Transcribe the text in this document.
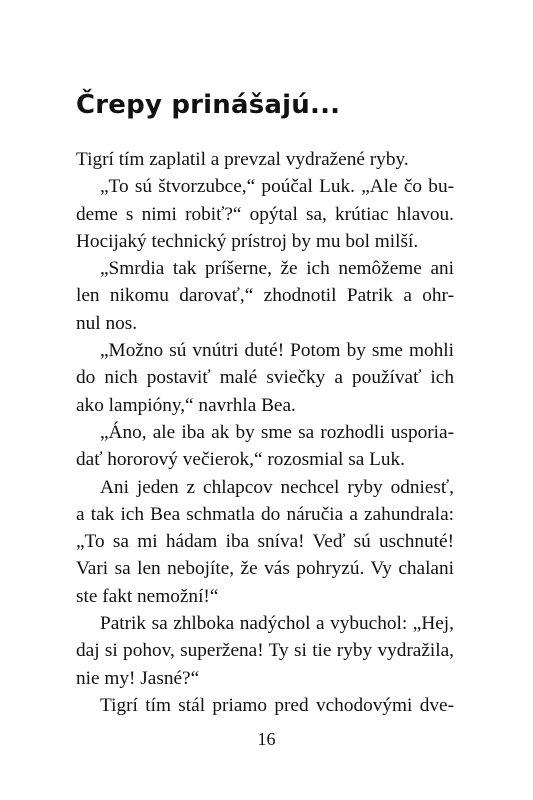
Črepy prinášajú...
Tigrí tím zaplatil a prevzal vydražené ryby.
„To sú štvorzubce,“ poúčal Luk. „Ale čo bu-
deme s nimi robiť?“ opýtal sa, krútiac hlavou.
Hocijaký technický prístroj by mu bol milší.
„Smrdia tak príšerne, že ich nemôžeme ani
len nikomu darovať,“ zhodnotil Patrik a ohr-
nul nos.
„Možno sú vnútri duté! Potom by sme mohli
do nich postaviť malé sviečky a používať ich
ako lampióny,“ navrhla Bea.
„Áno, ale iba ak by sme sa rozhodli usporia-
dať hororový večierok,“ rozosmial sa Luk.
Ani jeden z chlapcov nechcel ryby odniesť,
a tak ich Bea schmatla do náručia a zahundrala:
„To sa mi hádam iba sníva! Veď sú uschnuté!
Vari sa len nebojíte, že vás pohryzú. Vy chalani
ste fakt nemožní!“
Patrik sa zhlboka nadýchol a vybuchol: „Hej,
daj si pohov, superžena! Ty si tie ryby vydražila,
nie my! Jasné?“
Tigrí tím stál priamo pred vchodovými dve-
16
